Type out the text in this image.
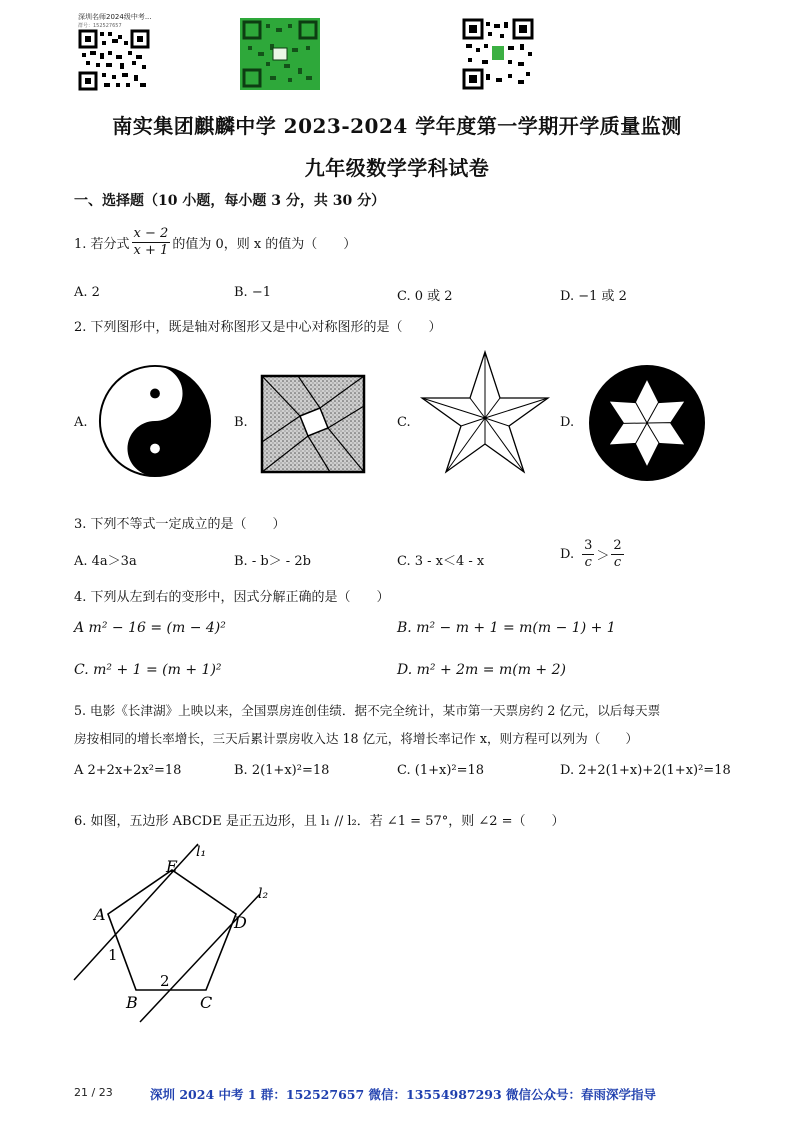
深圳名师2024级中考...
群号：152527657
南实集团麒麟中学 2023-2024 学年度第一学期开学质量监测
九年级数学学科试卷
一、选择题（10 小题，每小题 3 分，共 30 分）
1. 若分式 $\frac{x - 2}{x + 1}$ 的值为 0，则 x 的值为（　　）
A. 2	B. −1	C. 0 或 2	D. −1 或 2
2. 下列图形中，既是轴对称图形又是中心对称图形的是（　　）
A.	B.	C.	D.
3. 下列不等式一定成立的是（　　）
A. 4a＞3a	B. ‐ b＞ ‐ 2b	C. 3 ‐ x＜4 ‐ x	D. $\frac{3}{c} > \frac{2}{c}$
4. 下列从左到右的变形中，因式分解正确的是（　　）
A m² − 16 = (m − 4)²	B. m² − m + 1 = m(m − 1) + 1
C. m² + 1 = (m + 1)²	D. m² + 2m = m(m + 2)
5. 电影《长津湖》上映以来，全国票房连创佳绩．据不完全统计，某市第一天票房约 2 亿元，以后每天票
房按相同的增长率增长，三天后累计票房收入达 18 亿元，将增长率记作 x，则方程可以列为（　　）
A 2+2x+2x²=18	B. 2(1+x)²=18	C. (1+x)²=18	D. 2+2(1+x)+2(1+x)²=18
6. 如图，五边形 ABCDE 是正五边形，且 l₁ // l₂．若 ∠1 = 57°，则 ∠2 =（　　）
E
l₁
l₂
A	D
1
2
B	C
21 / 23	深圳 2024 中考 1 群：152527657 微信：13554987293 微信公众号：春雨深学指导
